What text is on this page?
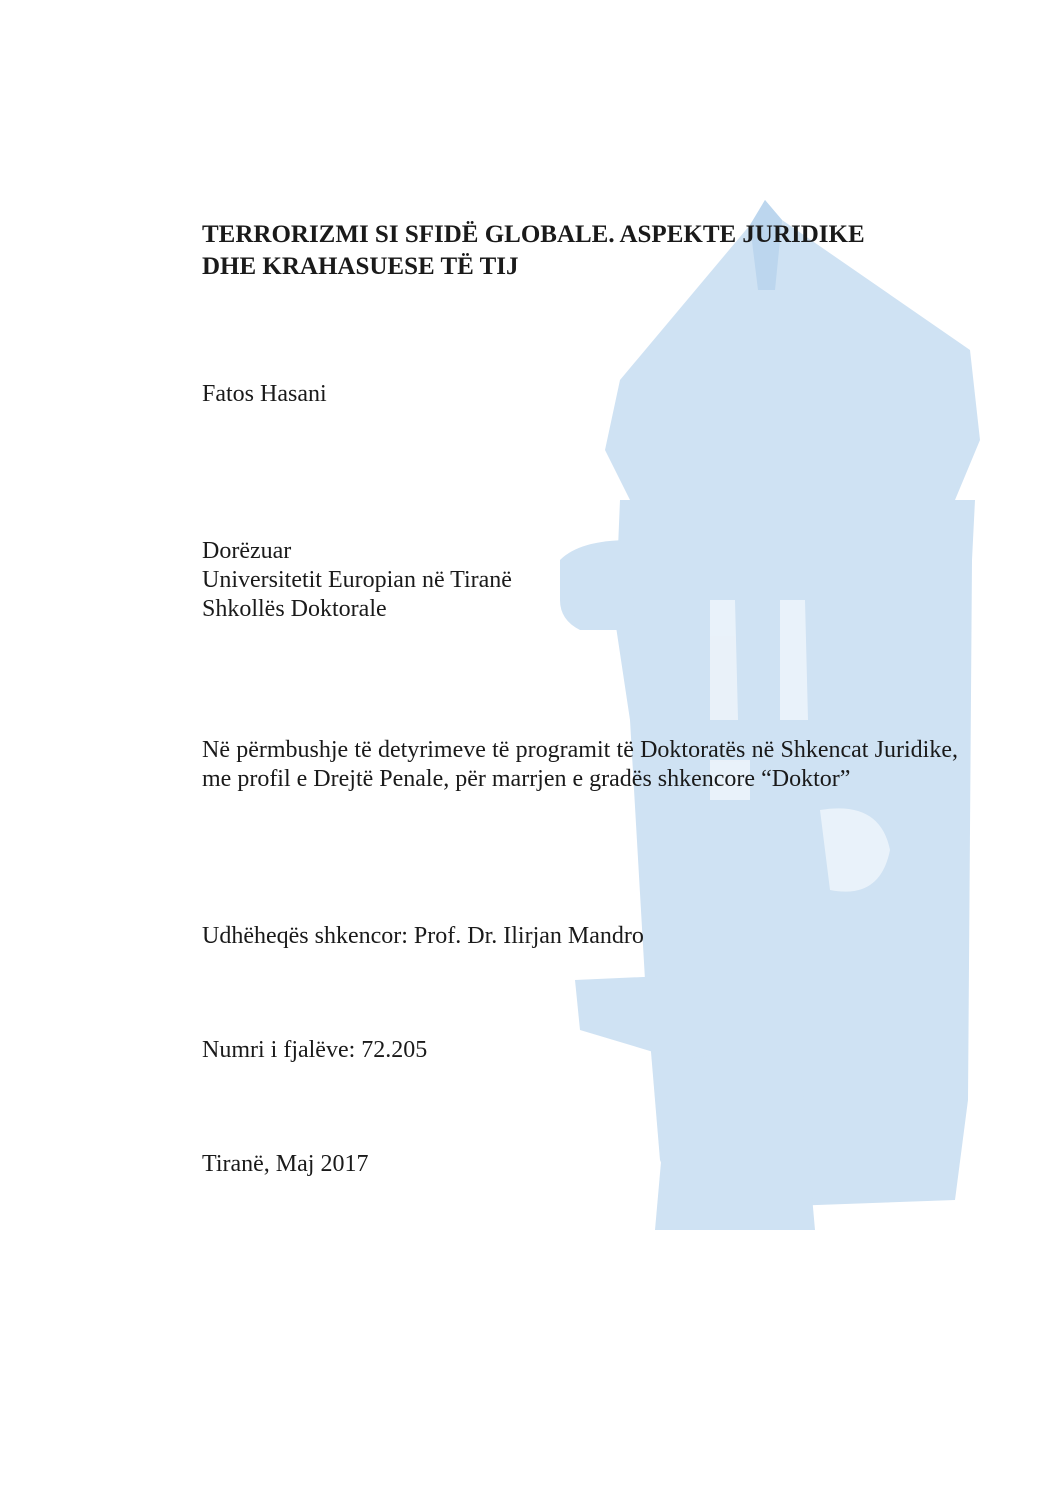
TERRORIZMI SI SFIDË GLOBALE. ASPEKTE JURIDIKE
DHE KRAHASUESE TË TIJ

Fatos Hasani

Dorëzuar
Universitetit Europian në Tiranë
Shkollës Doktorale

Në përmbushje të detyrimeve të programit të Doktoratës në Shkencat Juridike, me profil e Drejtë Penale, për marrjen e gradës shkencore “Doktor”

Udhëheqës shkencor: Prof. Dr. Ilirjan Mandro

Numri i fjalëve: 72.205

Tiranë, Maj 2017
